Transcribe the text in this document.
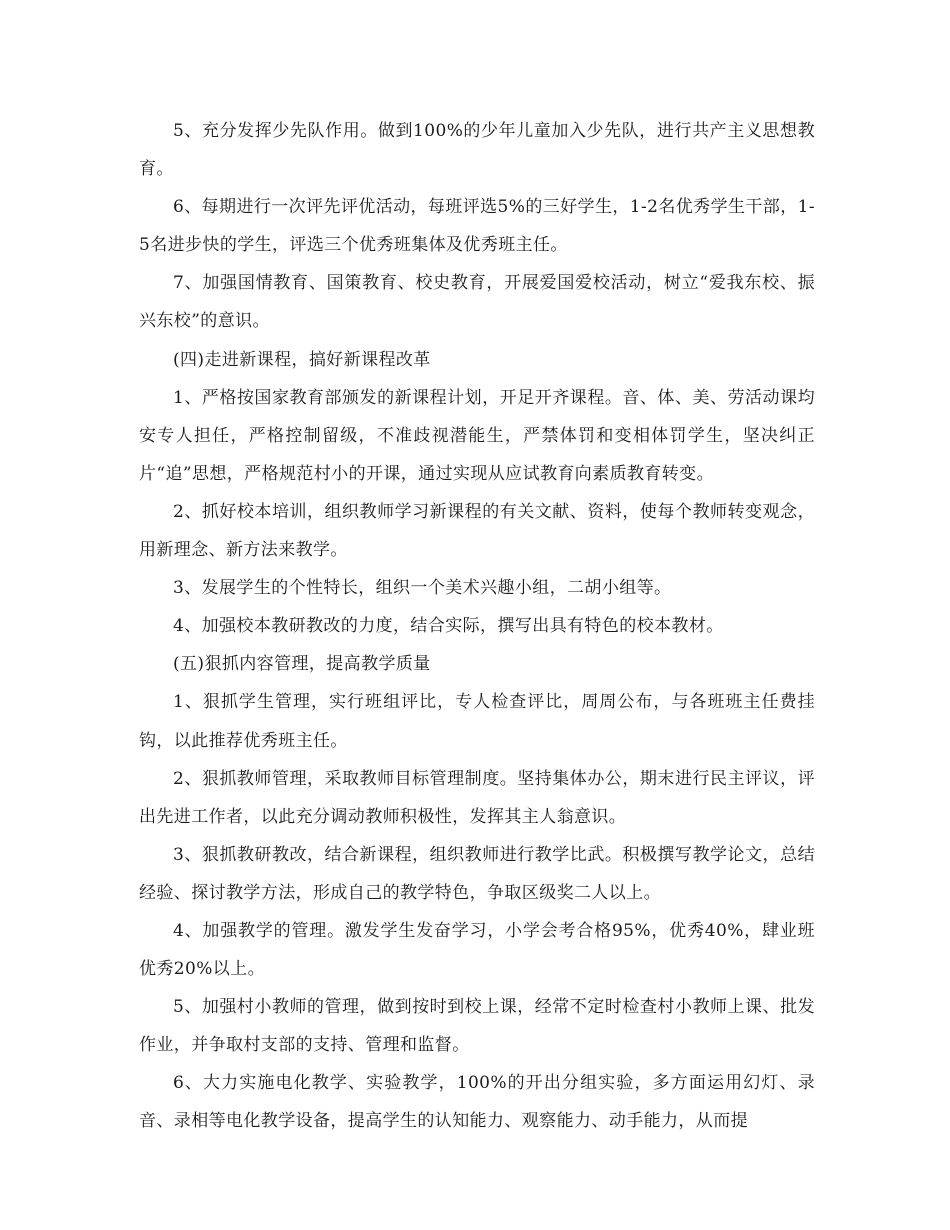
5、充分发挥少先队作用。做到100%的少年儿童加入少先队，进行共产主义思想教育。

6、每期进行一次评先评优活动，每班评选5%的三好学生，1-2名优秀学生干部，1-5名进步快的学生，评选三个优秀班集体及优秀班主任。

7、加强国情教育、国策教育、校史教育，开展爱国爱校活动，树立“爱我东校、振兴东校”的意识。

(四)走进新课程，搞好新课程改革

1、严格按国家教育部颁发的新课程计划，开足开齐课程。音、体、美、劳活动课均安专人担任，严格控制留级，不准歧视潜能生，严禁体罚和变相体罚学生，坚决纠正片“追”思想，严格规范村小的开课，通过实现从应试教育向素质教育转变。

2、抓好校本培训，组织教师学习新课程的有关文献、资料，使每个教师转变观念，用新理念、新方法来教学。

3、发展学生的个性特长，组织一个美术兴趣小组，二胡小组等。

4、加强校本教研教改的力度，结合实际，撰写出具有特色的校本教材。

(五)狠抓内容管理，提高教学质量

1、狠抓学生管理，实行班组评比，专人检查评比，周周公布，与各班班主任费挂钩，以此推荐优秀班主任。

2、狠抓教师管理，采取教师目标管理制度。坚持集体办公，期末进行民主评议，评出先进工作者，以此充分调动教师积极性，发挥其主人翁意识。

3、狠抓教研教改，结合新课程，组织教师进行教学比武。积极撰写教学论文，总结经验、探讨教学方法，形成自己的教学特色，争取区级奖二人以上。

4、加强教学的管理。激发学生发奋学习，小学会考合格95%，优秀40%，肆业班优秀20%以上。

5、加强村小教师的管理，做到按时到校上课，经常不定时检查村小教师上课、批发作业，并争取村支部的支持、管理和监督。

6、大力实施电化教学、实验教学，100%的开出分组实验，多方面运用幻灯、录音、录相等电化教学设备，提高学生的认知能力、观察能力、动手能力，从而提
